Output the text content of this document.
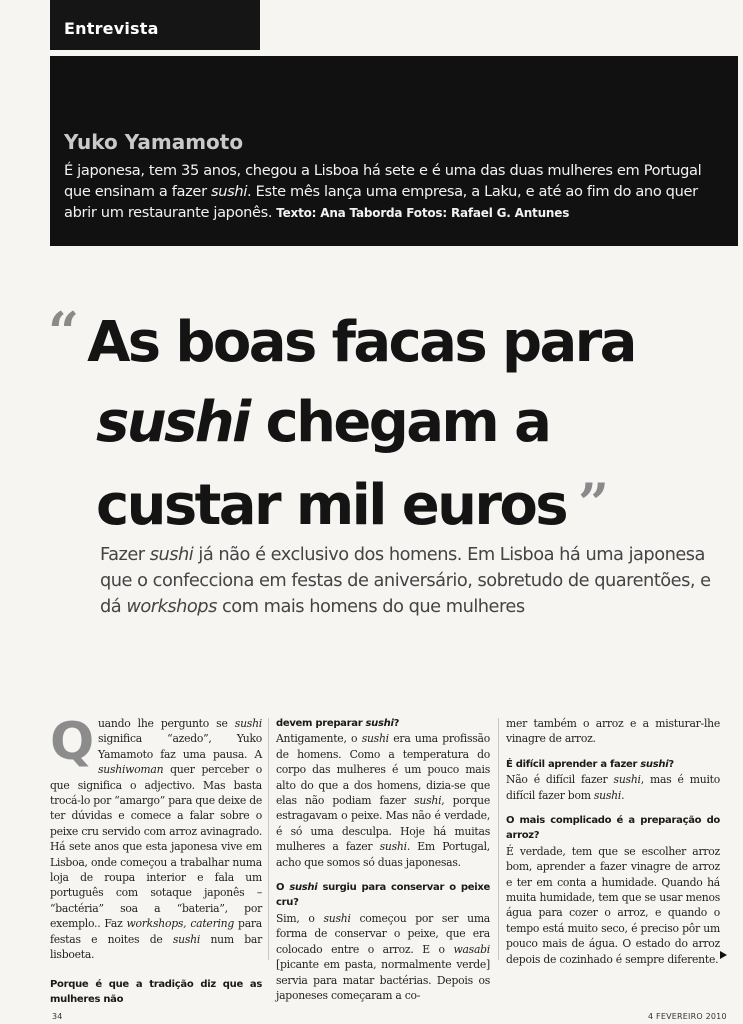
Entrevista

Yuko Yamamoto

É japonesa, tem 35 anos, chegou a Lisboa há sete e é uma das duas mulheres em Portugal que ensinam a fazer sushi. Este mês lança uma empresa, a Laku, e até ao fim do ano quer abrir um restaurante japonês. Texto: Ana Taborda Fotos: Rafael G. Antunes

“ As boas facas para
sushi chegam a
custar mil euros ”

Fazer sushi já não é exclusivo dos homens. Em Lisboa há uma japonesa que o confecciona em festas de aniversário, sobretudo de quarentões, e dá workshops com mais homens do que mulheres

Quando lhe pergunto se sushi significa “azedo”, Yuko Yamamoto faz uma pausa. A sushiwoman quer perceber o que significa o adjectivo. Mas basta trocá-lo por “amargo” para que deixe de ter dúvidas e comece a falar sobre o peixe cru servido com arroz avinagrado. Há sete anos que esta japonesa vive em Lisboa, onde começou a trabalhar numa loja de roupa interior e fala um português com sotaque japonês – “bactéria” soa a “bateria”, por exemplo.. Faz workshops, catering para festas e noites de sushi num bar lisboeta.

Porque é que a tradição diz que as mulheres não

devem preparar sushi?

Antigamente, o sushi era uma profissão de homens. Como a temperatura do corpo das mulheres é um pouco mais alto do que a dos homens, dizia-se que elas não podiam fazer sushi, porque estragavam o peixe. Mas não é verdade, é só uma desculpa. Hoje há muitas mulheres a fazer sushi. Em Portugal, acho que somos só duas japonesas.

O sushi surgiu para conservar o peixe cru?

Sim, o sushi começou por ser uma forma de conservar o peixe, que era colocado entre o arroz. E o wasabi [picante em pasta, normalmente verde] servia para matar bactérias. Depois os japoneses começaram a co-

mer também o arroz e a misturar-lhe vinagre de arroz.

É difícil aprender a fazer sushi?

Não é difícil fazer sushi, mas é muito difícil fazer bom sushi.

O mais complicado é a preparação do arroz?

É verdade, tem que se escolher arroz bom, aprender a fazer vinagre de arroz e ter em conta a humidade. Quando há muita humidade, tem que se usar menos água para cozer o arroz, e quando o tempo está muito seco, é preciso pôr um pouco mais de água. O estado do arroz depois de cozinhado é sempre diferente.

34	4 FEVEREIRO 2010
